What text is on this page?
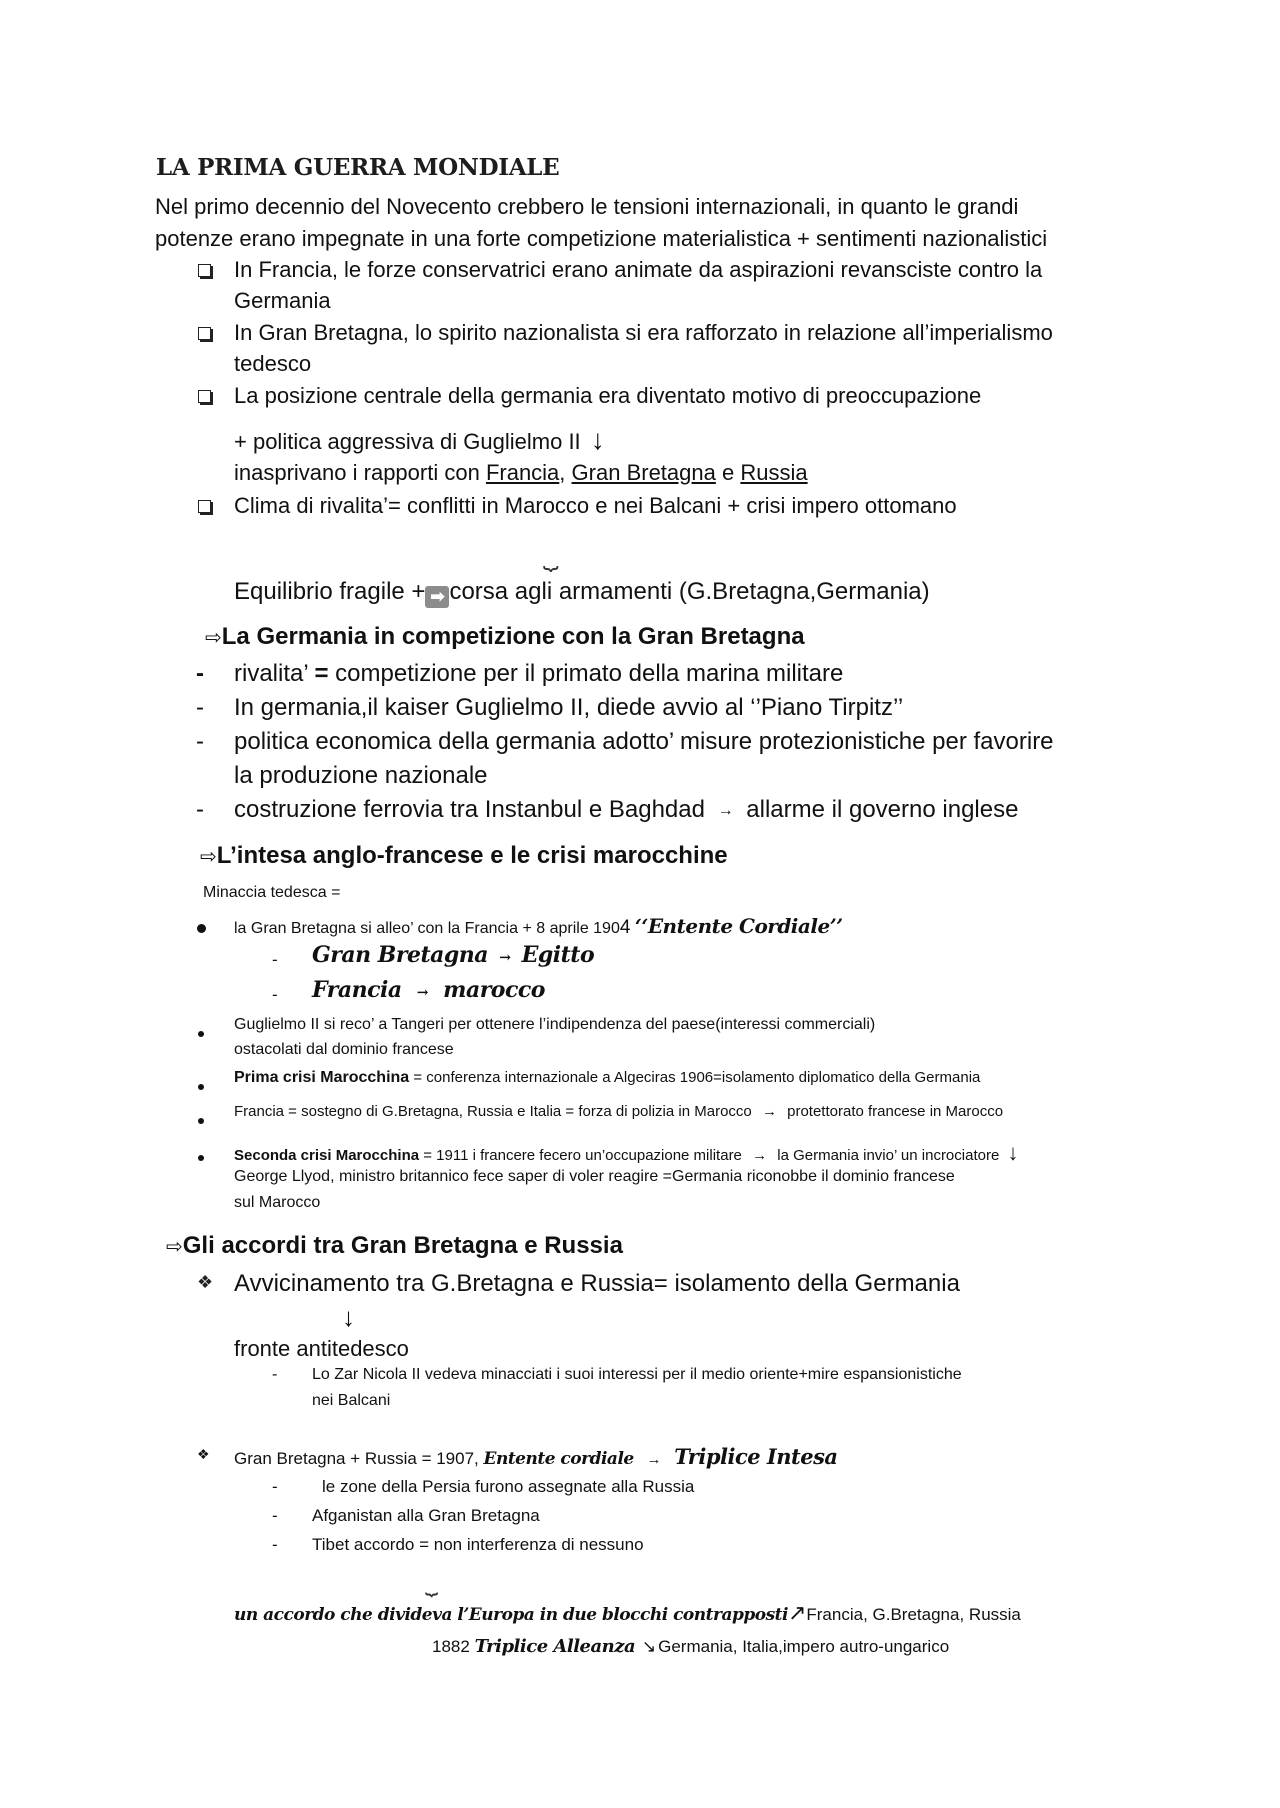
LA PRIMA GUERRA MONDIALE
Nel primo decennio del Novecento crebbero le tensioni internazionali, in quanto le grandi
potenze erano impegnate in una forte competizione materialistica + sentimenti nazionalistici
In Francia, le forze conservatrici erano animate da aspirazioni revansciste contro la
Germania
In Gran Bretagna, lo spirito nazionalista si era rafforzato in relazione all’imperialismo
tedesco
La posizione centrale della germania era diventato motivo di preoccupazione
+ politica aggressiva di Guglielmo II ↓
inasprivano i rapporti con Francia, Gran Bretagna e Russia
Clima di rivalita’= conflitti in Marocco e nei Balcani + crisi impero ottomano
⏟
Equilibrio fragile + ➡ corsa agli armamenti (G.Bretagna,Germania)
⇨La Germania in competizione con la Gran Bretagna
- rivalita’ = competizione per il primato della marina militare
- In germania,il kaiser Guglielmo II, diede avvio al ‘’Piano Tirpitz’’
- politica economica della germania adotto’ misure protezionistiche per favorire
la produzione nazionale
- costruzione ferrovia tra Instanbul e Baghdad → allarme il governo inglese
⇨L’intesa anglo-francese e le crisi marocchine
Minaccia tedesca =
la Gran Bretagna si alleo’ con la Francia + 8 aprile 1904 ‘‘Entente Cordiale’’
- Gran Bretagna → Egitto
- Francia → marocco
Guglielmo II si reco’ a Tangeri per ottenere l’indipendenza del paese(interessi commerciali)
ostacolati dal dominio francese
Prima crisi Marocchina = conferenza internazionale a Algeciras 1906=isolamento diplomatico della Germania
Francia = sostegno di G.Bretagna, Russia e Italia = forza di polizia in Marocco → protettorato francese in Marocco
Seconda crisi Marocchina = 1911 i francere fecero un’occupazione militare → la Germania invio’ un incrociatore ↓
George Llyod, ministro britannico fece saper di voler reagire =Germania riconobbe il dominio francese
sul Marocco
⇨Gli accordi tra Gran Bretagna e Russia
❖ Avvicinamento tra G.Bretagna e Russia= isolamento della Germania
↓
fronte antitedesco
- Lo Zar Nicola II vedeva minacciati i suoi interessi per il medio oriente+mire espansionistiche
nei Balcani
❖ Gran Bretagna + Russia = 1907, Entente cordiale → Triplice Intesa
-	le zone della Persia furono assegnate alla Russia
- Afganistan alla Gran Bretagna
- Tibet accordo = non interferenza di nessuno
⏟
un accordo che divideva l’Europa in due blocchi contrapposti↗Francia, G.Bretagna, Russia
1882 Triplice Alleanza ↘ Germania, Italia,impero autro-ungarico
